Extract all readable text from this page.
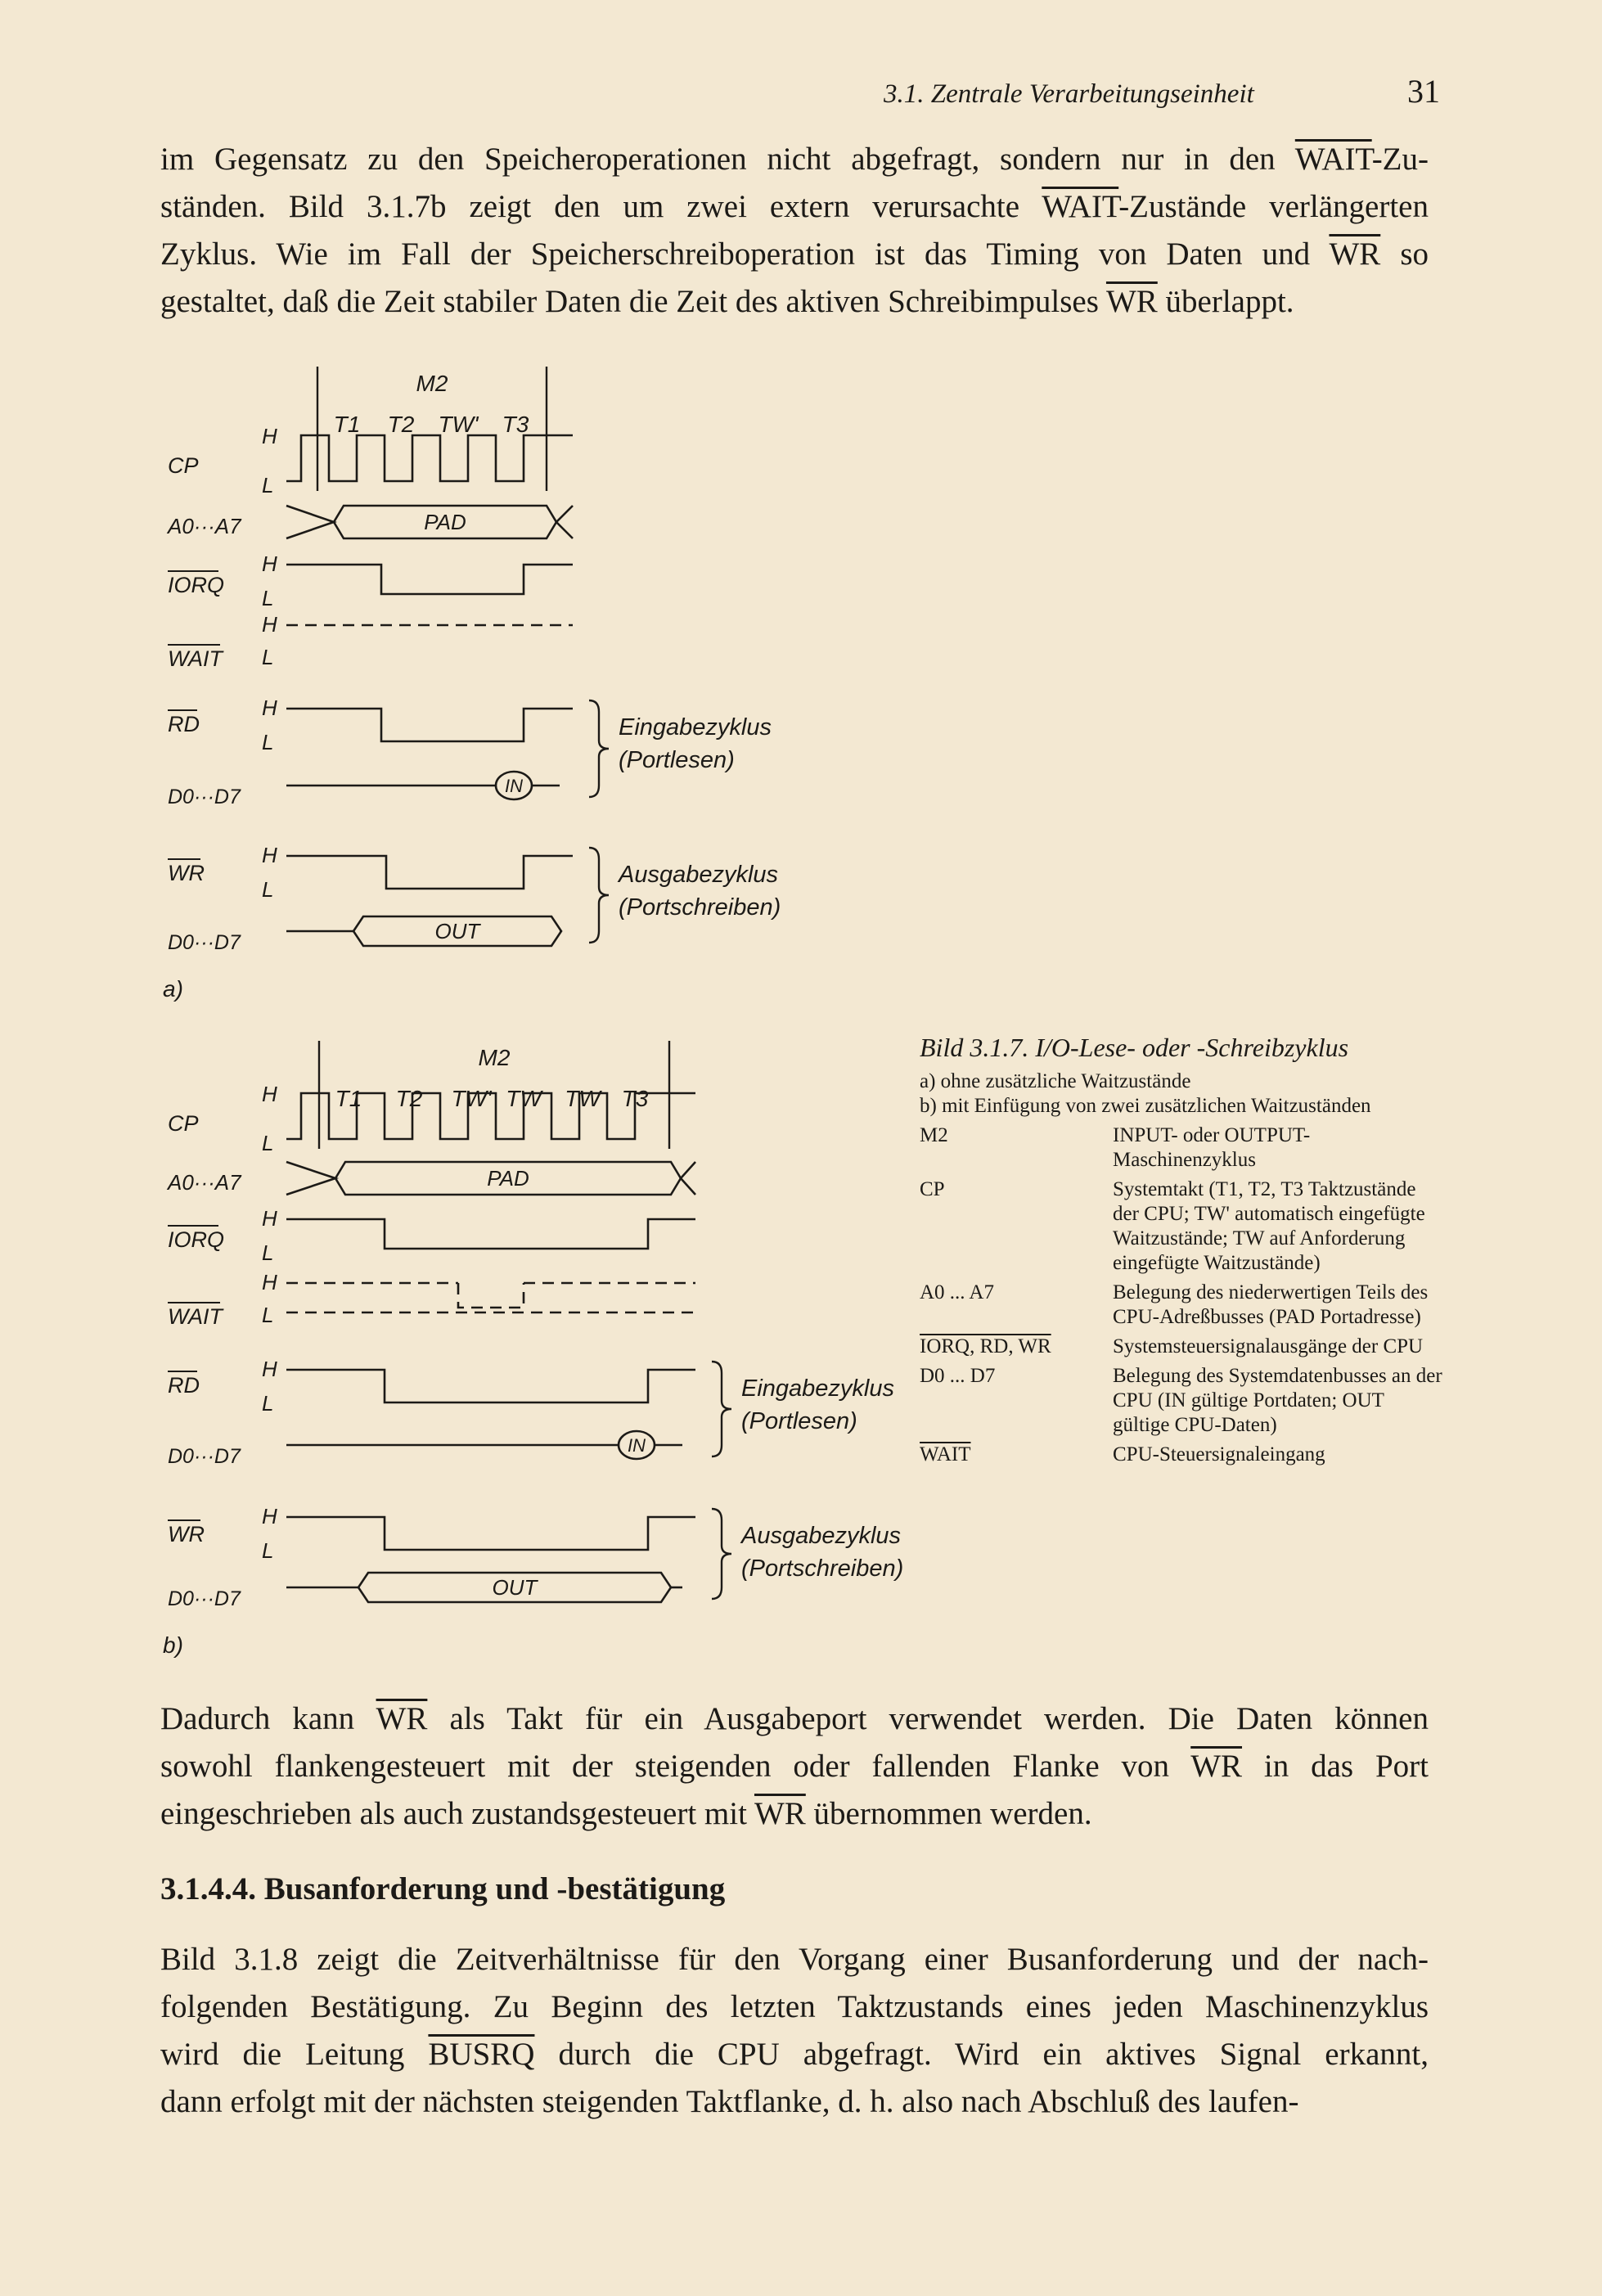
3.1. Zentrale Verarbeitungseinheit	31
im Gegensatz zu den Speicheroperationen nicht abgefragt, sondern nur in den WAIT-Zu-
ständen. Bild 3.1.7b zeigt den um zwei extern verursachte WAIT-Zustände verlängerten
Zyklus. Wie im Fall der Speicherschreiboperation ist das Timing von Daten und $\overline{WR}$ so
gestaltet, daß die Zeit stabiler Daten die Zeit des aktiven Schreibimpulses $\overline{WR}$ überlappt.
M2
T1 T2 TW' T3
CP
H
L
PAD
A0···A7
IORQ
H
L
WAIT
H
L
RD
H
L
IN
D0···D7
Eingabezyklus
(Portlesen)
WR
H
L
OUT
D0···D7
Ausgabezyklus
(Portschreiben)
a)
M2
T1 T2 TW' TW TW T3
CP
H
L
PAD
A0···A7
IORQ
H
L
WAIT
H
L
RD
H
L
IN
D0···D7
Eingabezyklus
(Portlesen)
WR
H
L
OUT
D0···D7
Ausgabezyklus
(Portschreiben)
b)
Bild 3.1.7. I/O-Lese- oder -Schreibzyklus
a) ohne zusätzliche Waitzustände
b) mit Einfügung von zwei zusätzlichen Waitzuständen
M2	INPUT- oder OUTPUT-Maschinenzyklus
CP	Systemtakt (T1, T2, T3 Taktzustände der CPU; TW' automatisch eingefügte Waitzustände; TW auf Anforderung eingefügte Waitzustände)
A0 ... A7	Belegung des niederwertigen Teils des CPU-Adreßbusses (PAD Portadresse)
IORQ, RD, WR	Systemsteuersignalausgänge der CPU
D0 ... D7	Belegung des Systemdatenbusses an der CPU (IN gültige Portdaten; OUT gültige CPU-Daten)
WAIT	CPU-Steuersignaleingang
Dadurch kann $\overline{WR}$ als Takt für ein Ausgabeport verwendet werden. Die Daten können
sowohl flankengesteuert mit der steigenden oder fallenden Flanke von $\overline{WR}$ in das Port
eingeschrieben als auch zustandsgesteuert mit $\overline{WR}$ übernommen werden.
3.1.4.4. Busanforderung und -bestätigung
Bild 3.1.8 zeigt die Zeitverhältnisse für den Vorgang einer Busanforderung und der nach-
folgenden Bestätigung. Zu Beginn des letzten Taktzustands eines jeden Maschinenzyklus
wird die Leitung BUSRQ durch die CPU abgefragt. Wird ein aktives Signal erkannt,
dann erfolgt mit der nächsten steigenden Taktflanke, d. h. also nach Abschluß des laufen-
